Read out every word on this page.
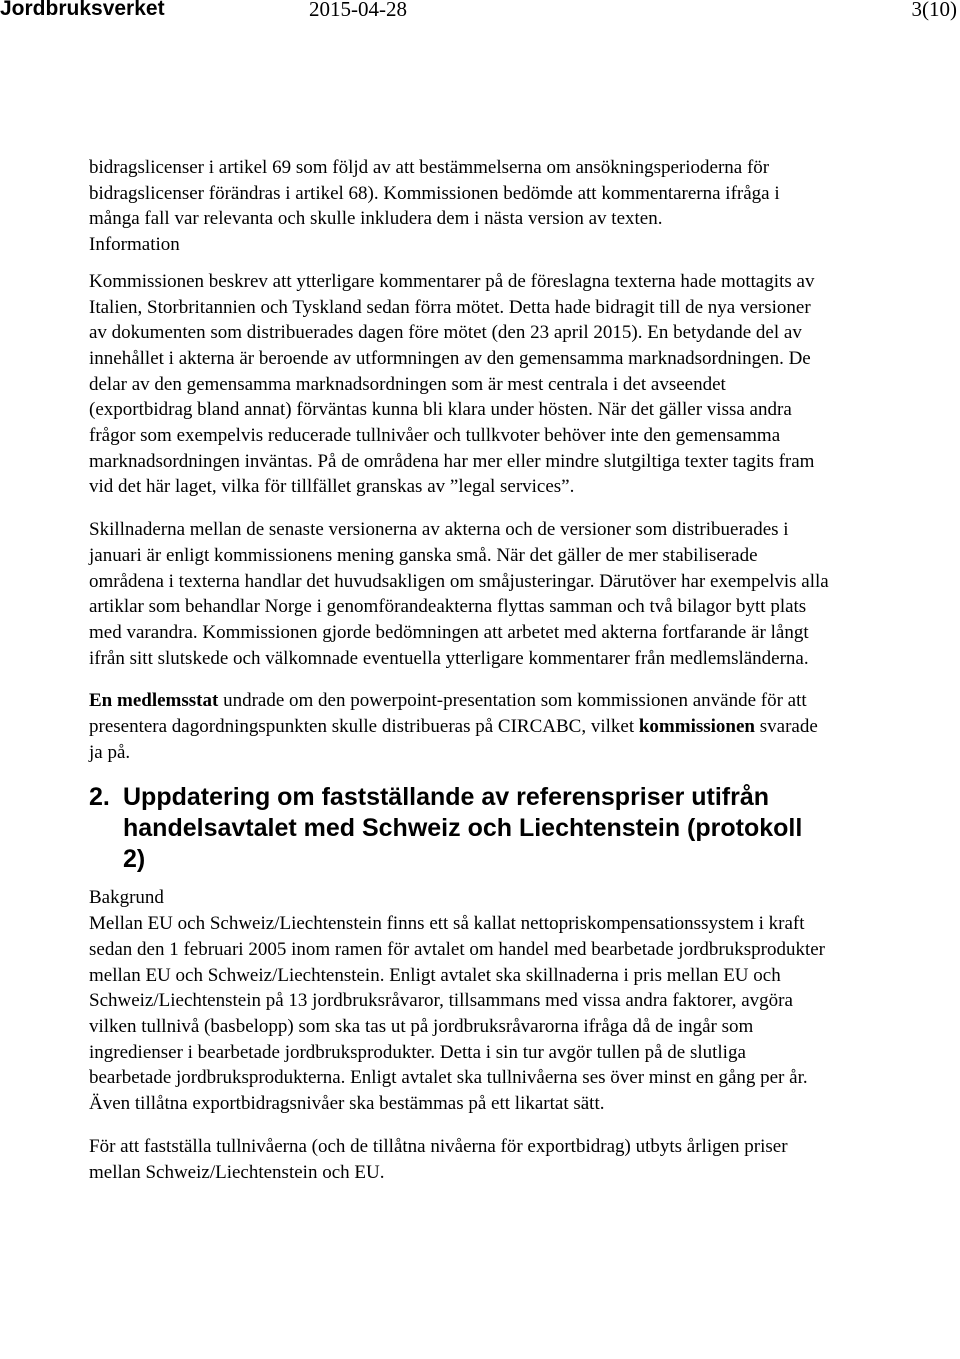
Jordbruksverket	2015-04-28	3(10)

bidragslicenser i artikel 69 som följd av att bestämmelserna om ansökningsperioderna för bidragslicenser förändras i artikel 68). Kommissionen bedömde att kommentarerna ifråga i många fall var relevanta och skulle inkludera dem i nästa version av texten.

Information

Kommissionen beskrev att ytterligare kommentarer på de föreslagna texterna hade mottagits av Italien, Storbritannien och Tyskland sedan förra mötet. Detta hade bidragit till de nya versioner av dokumenten som distribuerades dagen före mötet (den 23 april 2015). En betydande del av innehållet i akterna är beroende av utformningen av den gemensamma marknadsordningen. De delar av den gemensamma marknadsordningen som är mest centrala i det avseendet (exportbidrag bland annat) förväntas kunna bli klara under hösten. När det gäller vissa andra frågor som exempelvis reducerade tullnivåer och tullkvoter behöver inte den gemensamma marknadsordningen inväntas. På de områdena har mer eller mindre slutgiltiga texter tagits fram vid det här laget, vilka för tillfället granskas av ”legal services”.

Skillnaderna mellan de senaste versionerna av akterna och de versioner som distribuerades i januari är enligt kommissionens mening ganska små. När det gäller de mer stabiliserade områdena i texterna handlar det huvudsakligen om småjusteringar. Därutöver har exempelvis alla artiklar som behandlar Norge i genomförandeakterna flyttas samman och två bilagor bytt plats med varandra. Kommissionen gjorde bedömningen att arbetet med akterna fortfarande är långt ifrån sitt slutskede och välkomnade eventuella ytterligare kommentarer från medlemsländerna.

En medlemsstat undrade om den powerpoint-presentation som kommissionen använde för att presentera dagordningspunkten skulle distribueras på CIRCABC, vilket kommissionen svarade ja på.

2. Uppdatering om fastställande av referenspriser utifrån handelsavtalet med Schweiz och Liechtenstein (protokoll 2)

Bakgrund

Mellan EU och Schweiz/Liechtenstein finns ett så kallat nettopriskompensationssystem i kraft sedan den 1 februari 2005 inom ramen för avtalet om handel med bearbetade jordbruksprodukter mellan EU och Schweiz/Liechtenstein. Enligt avtalet ska skillnaderna i pris mellan EU och Schweiz/Liechtenstein på 13 jordbruksråvaror, tillsammans med vissa andra faktorer, avgöra vilken tullnivå (basbelopp) som ska tas ut på jordbruksråvarorna ifråga då de ingår som ingredienser i bearbetade jordbruksprodukter. Detta i sin tur avgör tullen på de slutliga bearbetade jordbruksprodukterna. Enligt avtalet ska tullnivåerna ses över minst en gång per år. Även tillåtna exportbidragsnivåer ska bestämmas på ett likartat sätt.

För att fastställa tullnivåerna (och de tillåtna nivåerna för exportbidrag) utbyts årligen priser mellan Schweiz/Liechtenstein och EU.
